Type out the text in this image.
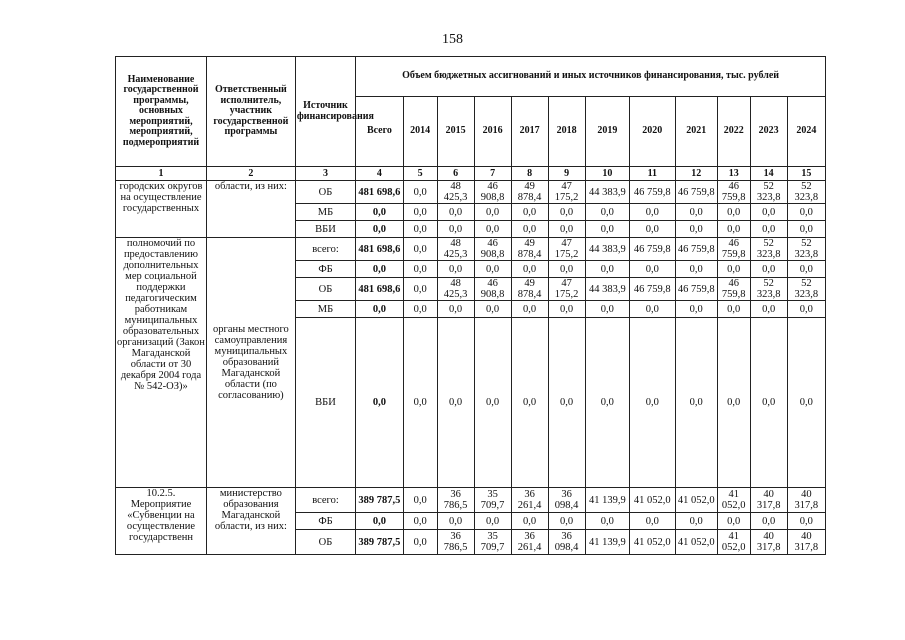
158
Наименование государственной программы, основных мероприятий, мероприятий, подмероприятий	Ответственный исполнитель, участник государственной программы	Источник финансирования	Объем бюджетных ассигнований и иных источников финансирования, тыс. рублей											
			Всего	2014	2015	2016	2017	2018	2019	2020	2021	2022	2023	2024
1	2	3	4	5	6	7	8	9	10	11	12	13	14	15
городских округов на осуществление государственных	области, из них:	ОБ	481 698,6	0,0	48 425,3	46 908,8	49 878,4	47 175,2	44 383,9	46 759,8	46 759,8	46 759,8	52 323,8	52 323,8
		МБ	0,0	0,0	0,0	0,0	0,0	0,0	0,0	0,0	0,0	0,0	0,0	0,0
		ВБИ	0,0	0,0	0,0	0,0	0,0	0,0	0,0	0,0	0,0	0,0	0,0	0,0
полномочий по предоставлению дополнительных мер социальной поддержки педагогическим работникам муниципальных образовательных организаций (Закон Магаданской области от 30 декабря 2004 года № 542-ОЗ)»	органы местного самоуправления муниципальных образований Магаданской области (по согласованию)	всего:	481 698,6	0,0	48 425,3	46 908,8	49 878,4	47 175,2	44 383,9	46 759,8	46 759,8	46 759,8	52 323,8	52 323,8
		ФБ	0,0	0,0	0,0	0,0	0,0	0,0	0,0	0,0	0,0	0,0	0,0	0,0
		ОБ	481 698,6	0,0	48 425,3	46 908,8	49 878,4	47 175,2	44 383,9	46 759,8	46 759,8	46 759,8	52 323,8	52 323,8
		МБ	0,0	0,0	0,0	0,0	0,0	0,0	0,0	0,0	0,0	0,0	0,0	0,0
		ВБИ	0,0	0,0	0,0	0,0	0,0	0,0	0,0	0,0	0,0	0,0	0,0	0,0
10.2.5. Мероприятие «Субвенции на осуществление государственн	министерство образования Магаданской области, из них:	всего:	389 787,5	0,0	36 786,5	35 709,7	36 261,4	36 098,4	41 139,9	41 052,0	41 052,0	41 052,0	40 317,8	40 317,8
		ФБ	0,0	0,0	0,0	0,0	0,0	0,0	0,0	0,0	0,0	0,0	0,0	0,0
		ОБ	389 787,5	0,0	36 786,5	35 709,7	36 261,4	36 098,4	41 139,9	41 052,0	41 052,0	41 052,0	40 317,8	40 317,8
